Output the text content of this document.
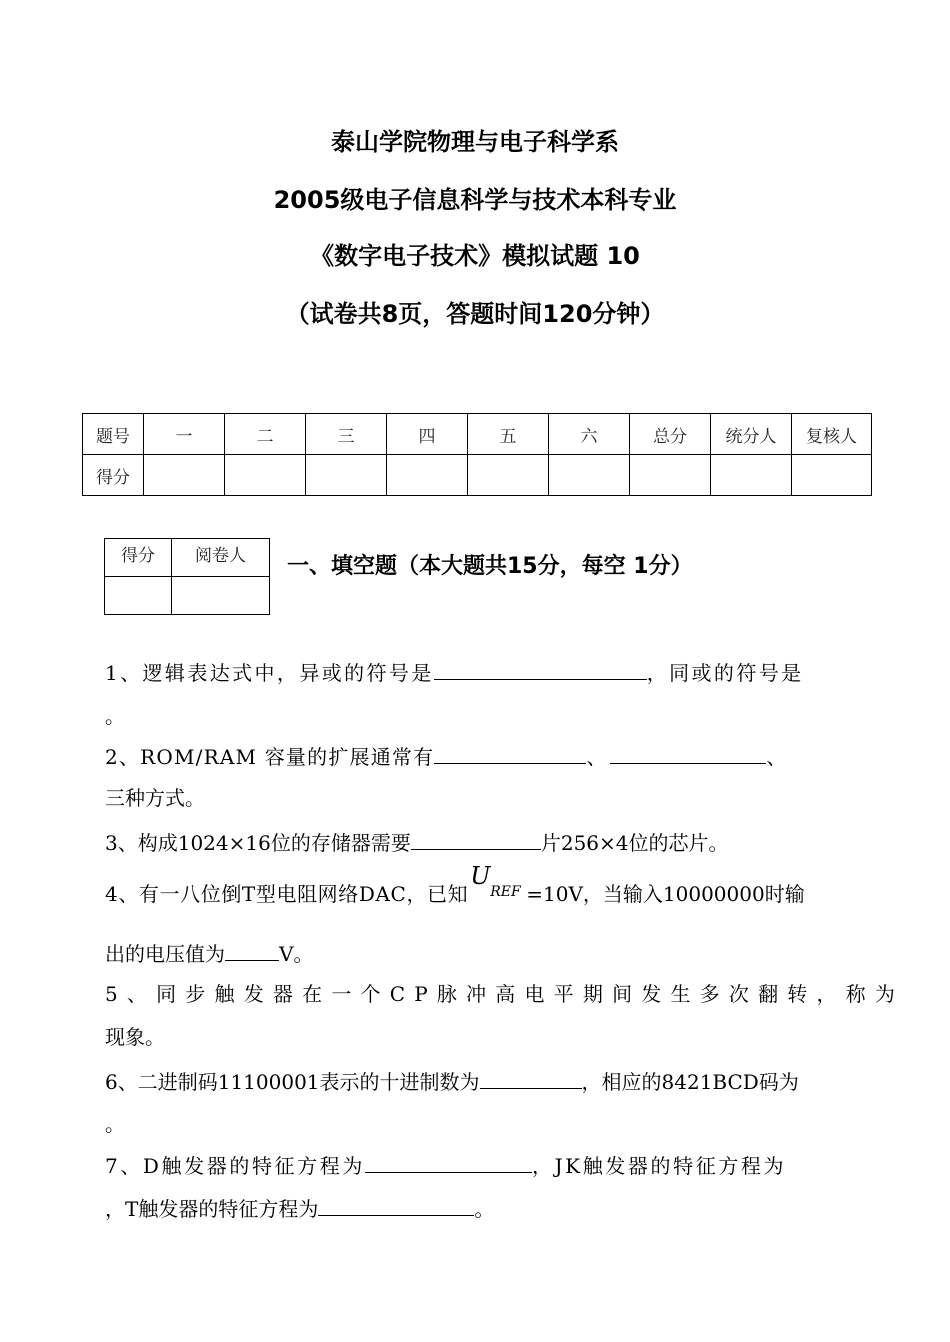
泰山学院物理与电子科学系
2005级电子信息科学与技术本科专业
《数字电子技术》模拟试题 10
（试卷共8页，答题时间120分钟）
题号	一	二	三	四	五	六	总分	统分人	复核人
得分									
得分	阅卷人
	一、填空题（本大题共15分，每空 1分）
1、逻辑表达式中，异或的符号是	，同或的符号是
。
2、ROM/RAM 容量的扩展通常有	、	、
三种方式。
3、构成1024×16位的存储器需要	片256×4位的芯片。
4、有一八位倒T型电阻网络DAC，已知
U
REF =10V，当输入10000000时输
出的电压值为	V。
5、同步触发器在一个CP脉冲高电平期间发生多次翻转，称为
现象。
6、二进制码11100001表示的十进制数为	，相应的8421BCD码为
。
7、D触发器的特征方程为	，JK触发器的特征方程为
，T触发器的特征方程为	。
